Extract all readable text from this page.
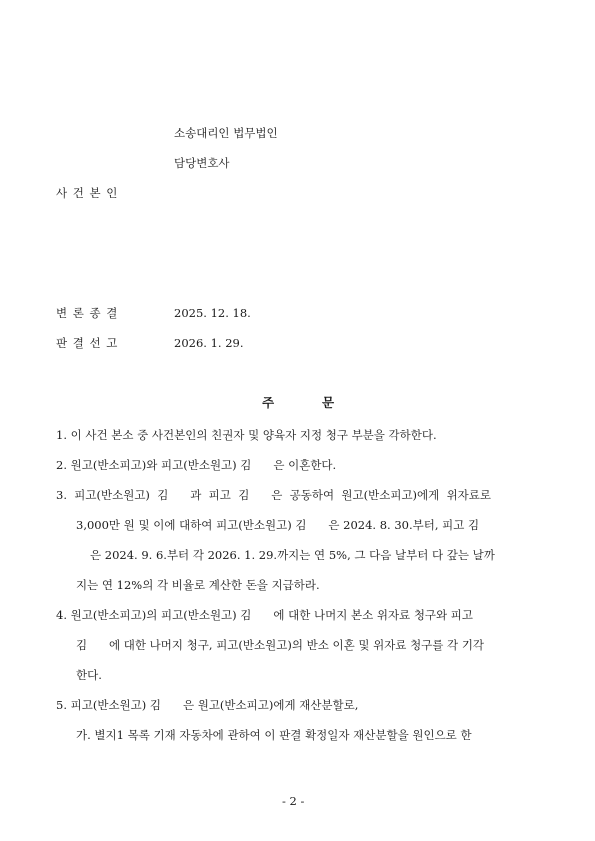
소송대리인 법무법인
담당변호사
사 건 본 인
변 론 종 결	2025. 12. 18.
판 결 선 고	2026. 1. 29.
주	문
1. 이 사건 본소 중 사건본인의 친권자 및 양육자 지정 청구 부분을 각하한다.
2. 원고(반소피고)와 피고(반소원고) 김      은 이혼한다.
3.  피고(반소원고)  김      과  피고  김      은  공동하여  원고(반소피고)에게  위자료로
3,000만 원 및 이에 대하여 피고(반소원고) 김      은 2024. 8. 30.부터, 피고 김
은 2024. 9. 6.부터 각 2026. 1. 29.까지는 연 5%, 그 다음 날부터 다 갚는 날까
지는 연 12%의 각 비율로 계산한 돈을 지급하라.
4. 원고(반소피고)의 피고(반소원고) 김      에 대한 나머지 본소 위자료 청구와 피고
김      에 대한 나머지 청구, 피고(반소원고)의 반소 이혼 및 위자료 청구를 각 기각
한다.
5. 피고(반소원고) 김      은 원고(반소피고)에게 재산분할로,
가. 별지1 목록 기재 자동차에 관하여 이 판결 확정일자 재산분할을 원인으로 한
- 2 -
